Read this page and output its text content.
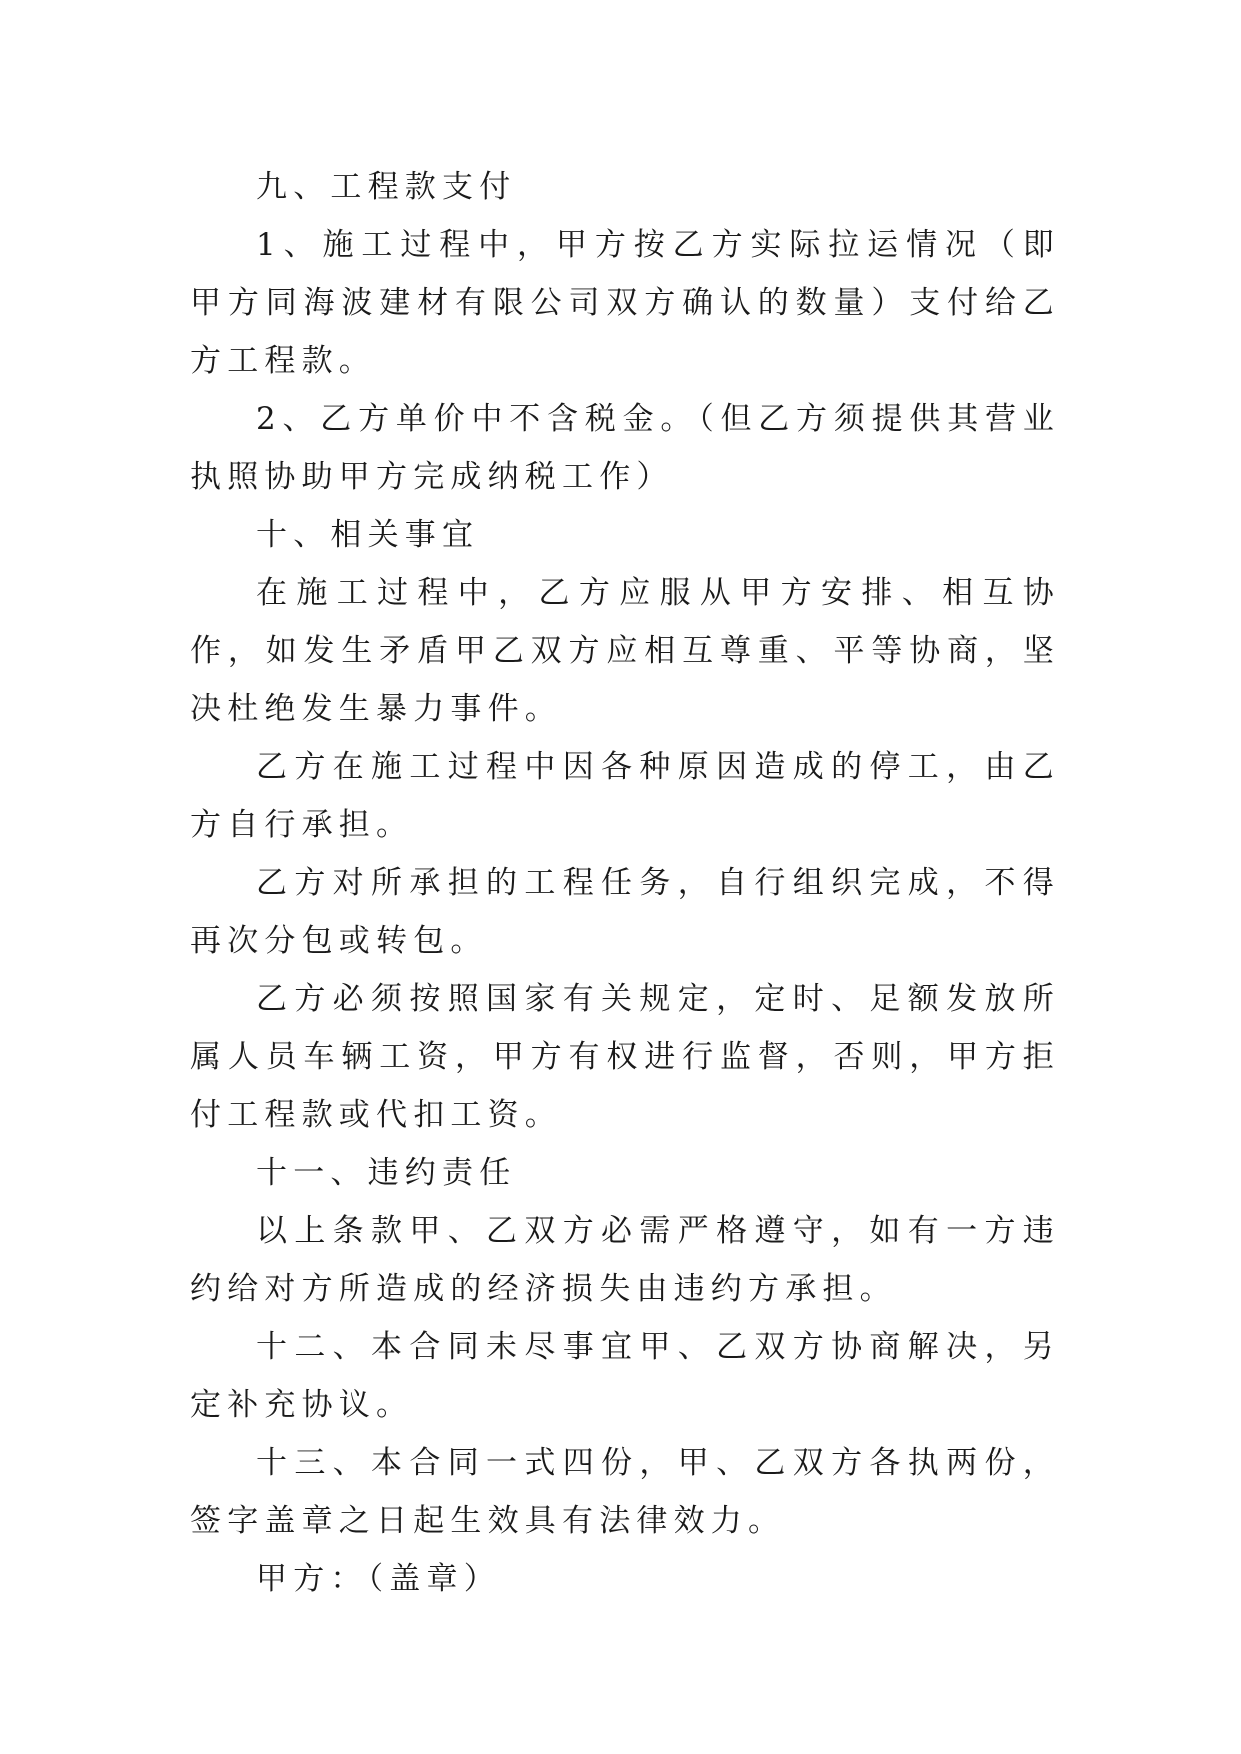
九、工程款支付

1、施工过程中，甲方按乙方实际拉运情况（即甲方同海波建材有限公司双方确认的数量）支付给乙方工程款。

2、乙方单价中不含税金。（但乙方须提供其营业执照协助甲方完成纳税工作）

十、相关事宜

在施工过程中，乙方应服从甲方安排、相互协作，如发生矛盾甲乙双方应相互尊重、平等协商，坚决杜绝发生暴力事件。

乙方在施工过程中因各种原因造成的停工，由乙方自行承担。

乙方对所承担的工程任务，自行组织完成，不得再次分包或转包。

乙方必须按照国家有关规定，定时、足额发放所属人员车辆工资，甲方有权进行监督，否则，甲方拒付工程款或代扣工资。

十一、违约责任

以上条款甲、乙双方必需严格遵守，如有一方违约给对方所造成的经济损失由违约方承担。

十二、本合同未尽事宜甲、乙双方协商解决，另定补充协议。

十三、本合同一式四份，甲、乙双方各执两份，签字盖章之日起生效具有法律效力。

甲方：（盖章）
